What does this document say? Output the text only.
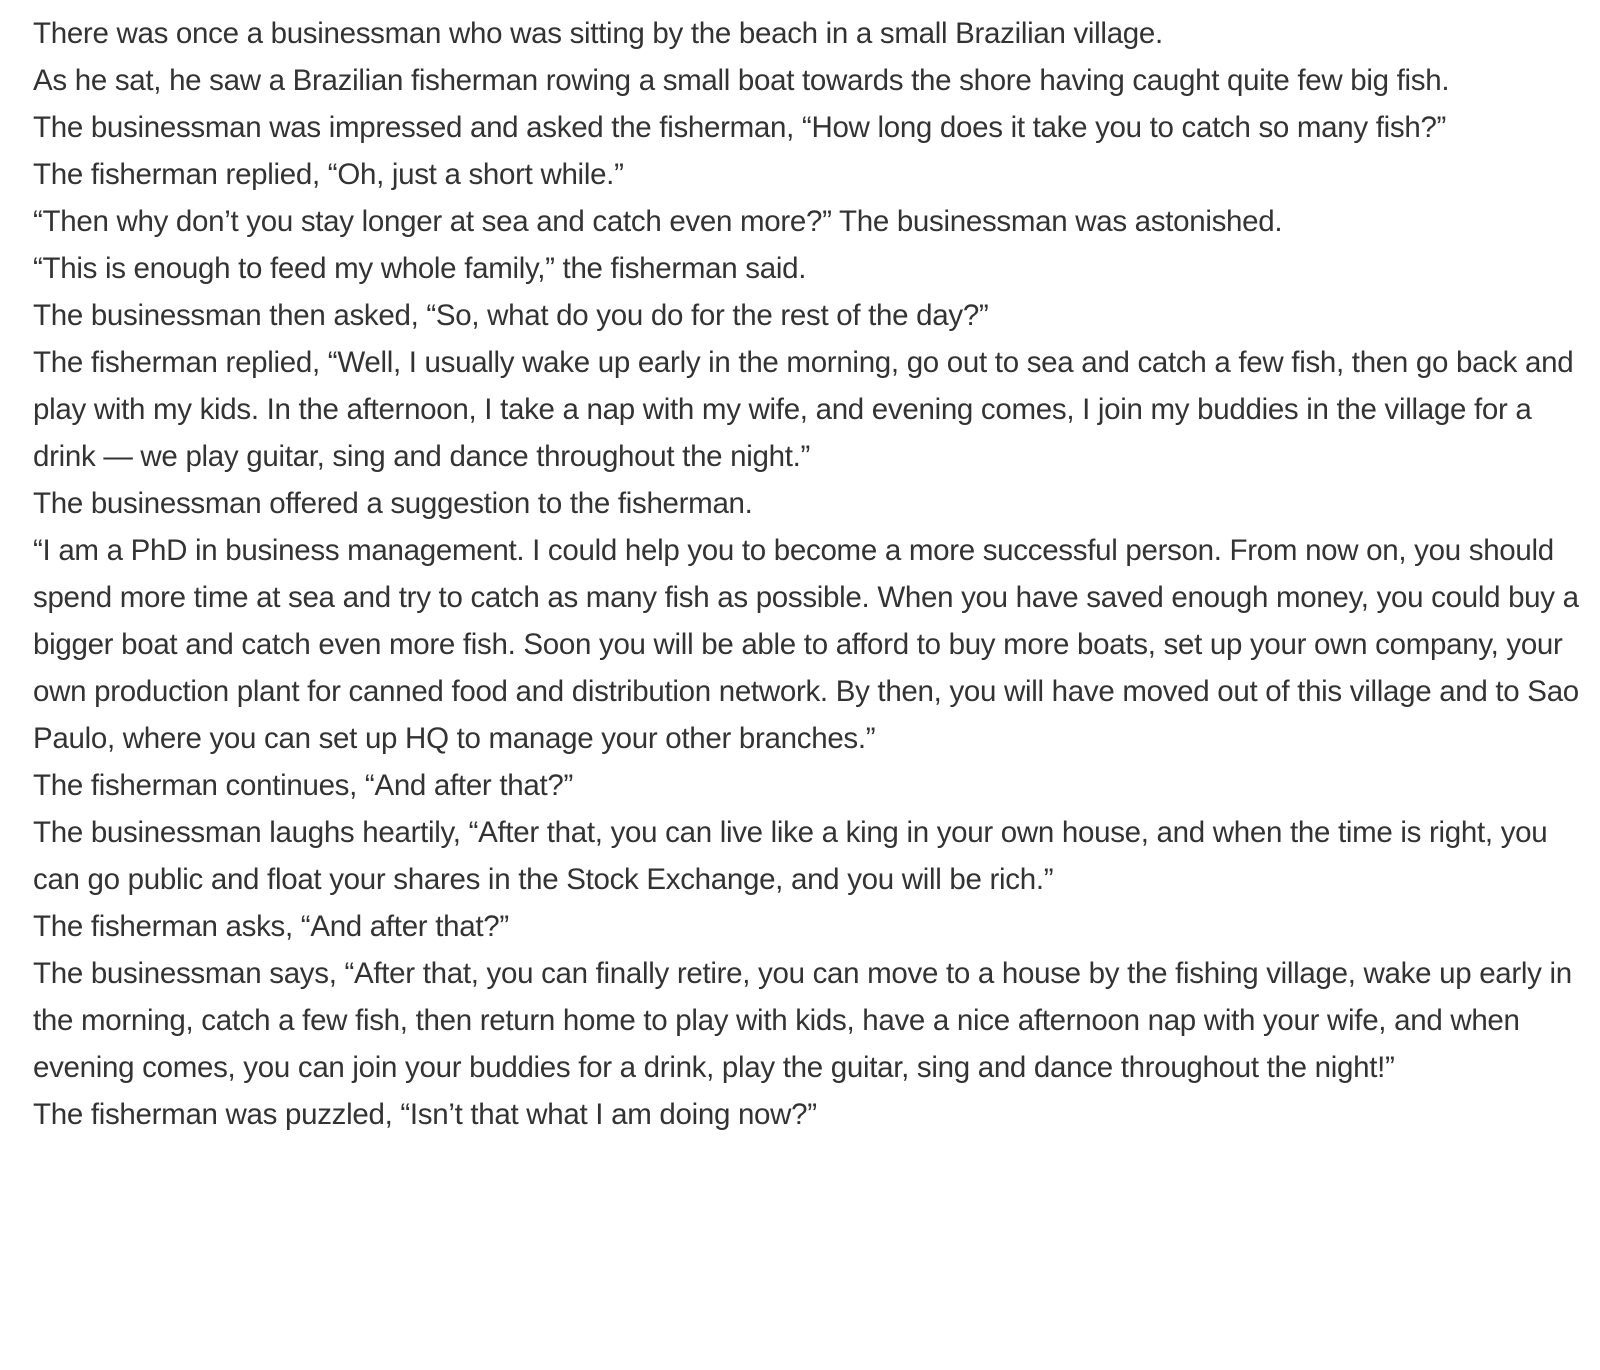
There was once a businessman who was sitting by the beach in a small Brazilian village.

As he sat, he saw a Brazilian fisherman rowing a small boat towards the shore having caught quite few big fish.

The businessman was impressed and asked the fisherman, “How long does it take you to catch so many fish?”

The fisherman replied, “Oh, just a short while.”

“Then why don’t you stay longer at sea and catch even more?” The businessman was astonished.

“This is enough to feed my whole family,” the fisherman said.

The businessman then asked, “So, what do you do for the rest of the day?”

The fisherman replied, “Well, I usually wake up early in the morning, go out to sea and catch a few fish, then go back and play with my kids. In the afternoon, I take a nap with my wife, and evening comes, I join my buddies in the village for a drink — we play guitar, sing and dance throughout the night.”

The businessman offered a suggestion to the fisherman.

“I am a PhD in business management. I could help you to become a more successful person. From now on, you should spend more time at sea and try to catch as many fish as possible. When you have saved enough money, you could buy a bigger boat and catch even more fish. Soon you will be able to afford to buy more boats, set up your own company, your own production plant for canned food and distribution network. By then, you will have moved out of this village and to Sao Paulo, where you can set up HQ to manage your other branches.”

The fisherman continues, “And after that?”

The businessman laughs heartily, “After that, you can live like a king in your own house, and when the time is right, you can go public and float your shares in the Stock Exchange, and you will be rich.”

The fisherman asks, “And after that?”

The businessman says, “After that, you can finally retire, you can move to a house by the fishing village, wake up early in the morning, catch a few fish, then return home to play with kids, have a nice afternoon nap with your wife, and when evening comes, you can join your buddies for a drink, play the guitar, sing and dance throughout the night!”

The fisherman was puzzled, “Isn’t that what I am doing now?”
